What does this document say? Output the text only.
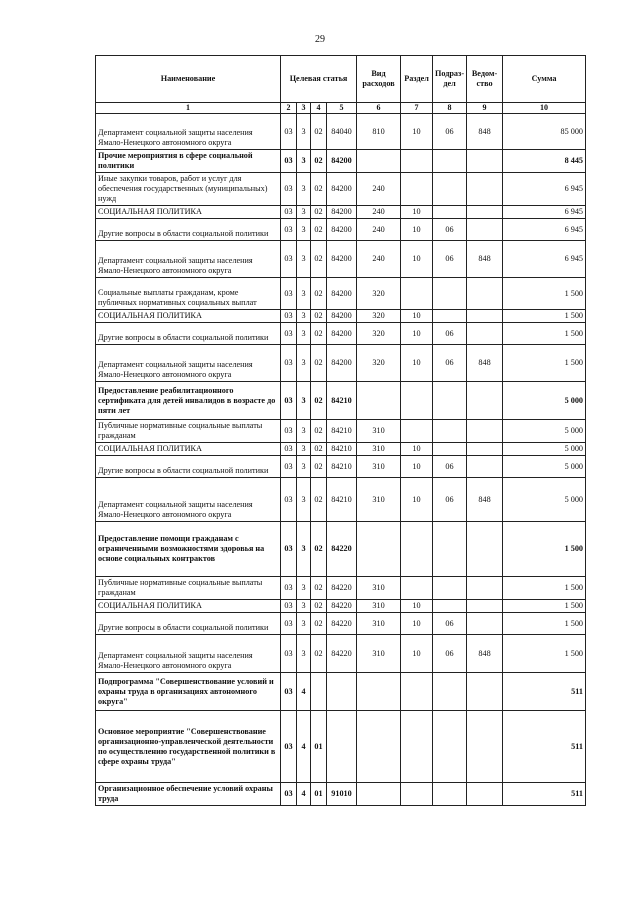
29
Наименование	Целевая статья				Вид расходов	Раздел	Подраз-дел	Ведом-ство	Сумма
1	2	3	4	5	6	7	8	9	10
Департамент социальной защиты населения Ямало-Ненецкого автономного округа	03	3	02	84040	810	10	06	848	85 000
Прочие мероприятия в сфере социальной политики	03	3	02	84200					8 445
Иные закупки товаров, работ и услуг для обеспечения государственных (муниципальных) нужд	03	3	02	84200	240				6 945
СОЦИАЛЬНАЯ ПОЛИТИКА	03	3	02	84200	240	10			6 945
Другие вопросы в области социальной политики	03	3	02	84200	240	10	06		6 945
Департамент социальной защиты населения Ямало-Ненецкого автономного округа	03	3	02	84200	240	10	06	848	6 945
Социальные выплаты гражданам, кроме публичных нормативных социальных выплат	03	3	02	84200	320				1 500
СОЦИАЛЬНАЯ ПОЛИТИКА	03	3	02	84200	320	10			1 500
Другие вопросы в области социальной политики	03	3	02	84200	320	10	06		1 500
Департамент социальной защиты населения Ямало-Ненецкого автономного округа	03	3	02	84200	320	10	06	848	1 500
Предоставление реабилитационного сертификата для детей инвалидов в возрасте до пяти лет	03	3	02	84210					5 000
Публичные нормативные социальные выплаты гражданам	03	3	02	84210	310				5 000
СОЦИАЛЬНАЯ ПОЛИТИКА	03	3	02	84210	310	10			5 000
Другие вопросы в области социальной политики	03	3	02	84210	310	10	06		5 000
Департамент социальной защиты населения Ямало-Ненецкого автономного округа	03	3	02	84210	310	10	06	848	5 000
Предоставление помощи гражданам с ограниченными возможностями здоровья на основе социальных контрактов	03	3	02	84220					1 500
Публичные нормативные социальные выплаты гражданам	03	3	02	84220	310				1 500
СОЦИАЛЬНАЯ ПОЛИТИКА	03	3	02	84220	310	10			1 500
Другие вопросы в области социальной политики	03	3	02	84220	310	10	06		1 500
Департамент социальной защиты населения Ямало-Ненецкого автономного округа	03	3	02	84220	310	10	06	848	1 500
Подпрограмма "Совершенствование условий и охраны труда в организациях автономного округа"	03	4							511
Основное мероприятие "Совершенствование организационно-управленческой деятельности по осуществлению государственной политики в сфере охраны труда"	03	4	01						511
Организационное обеспечение условий охраны труда	03	4	01	91010					511
